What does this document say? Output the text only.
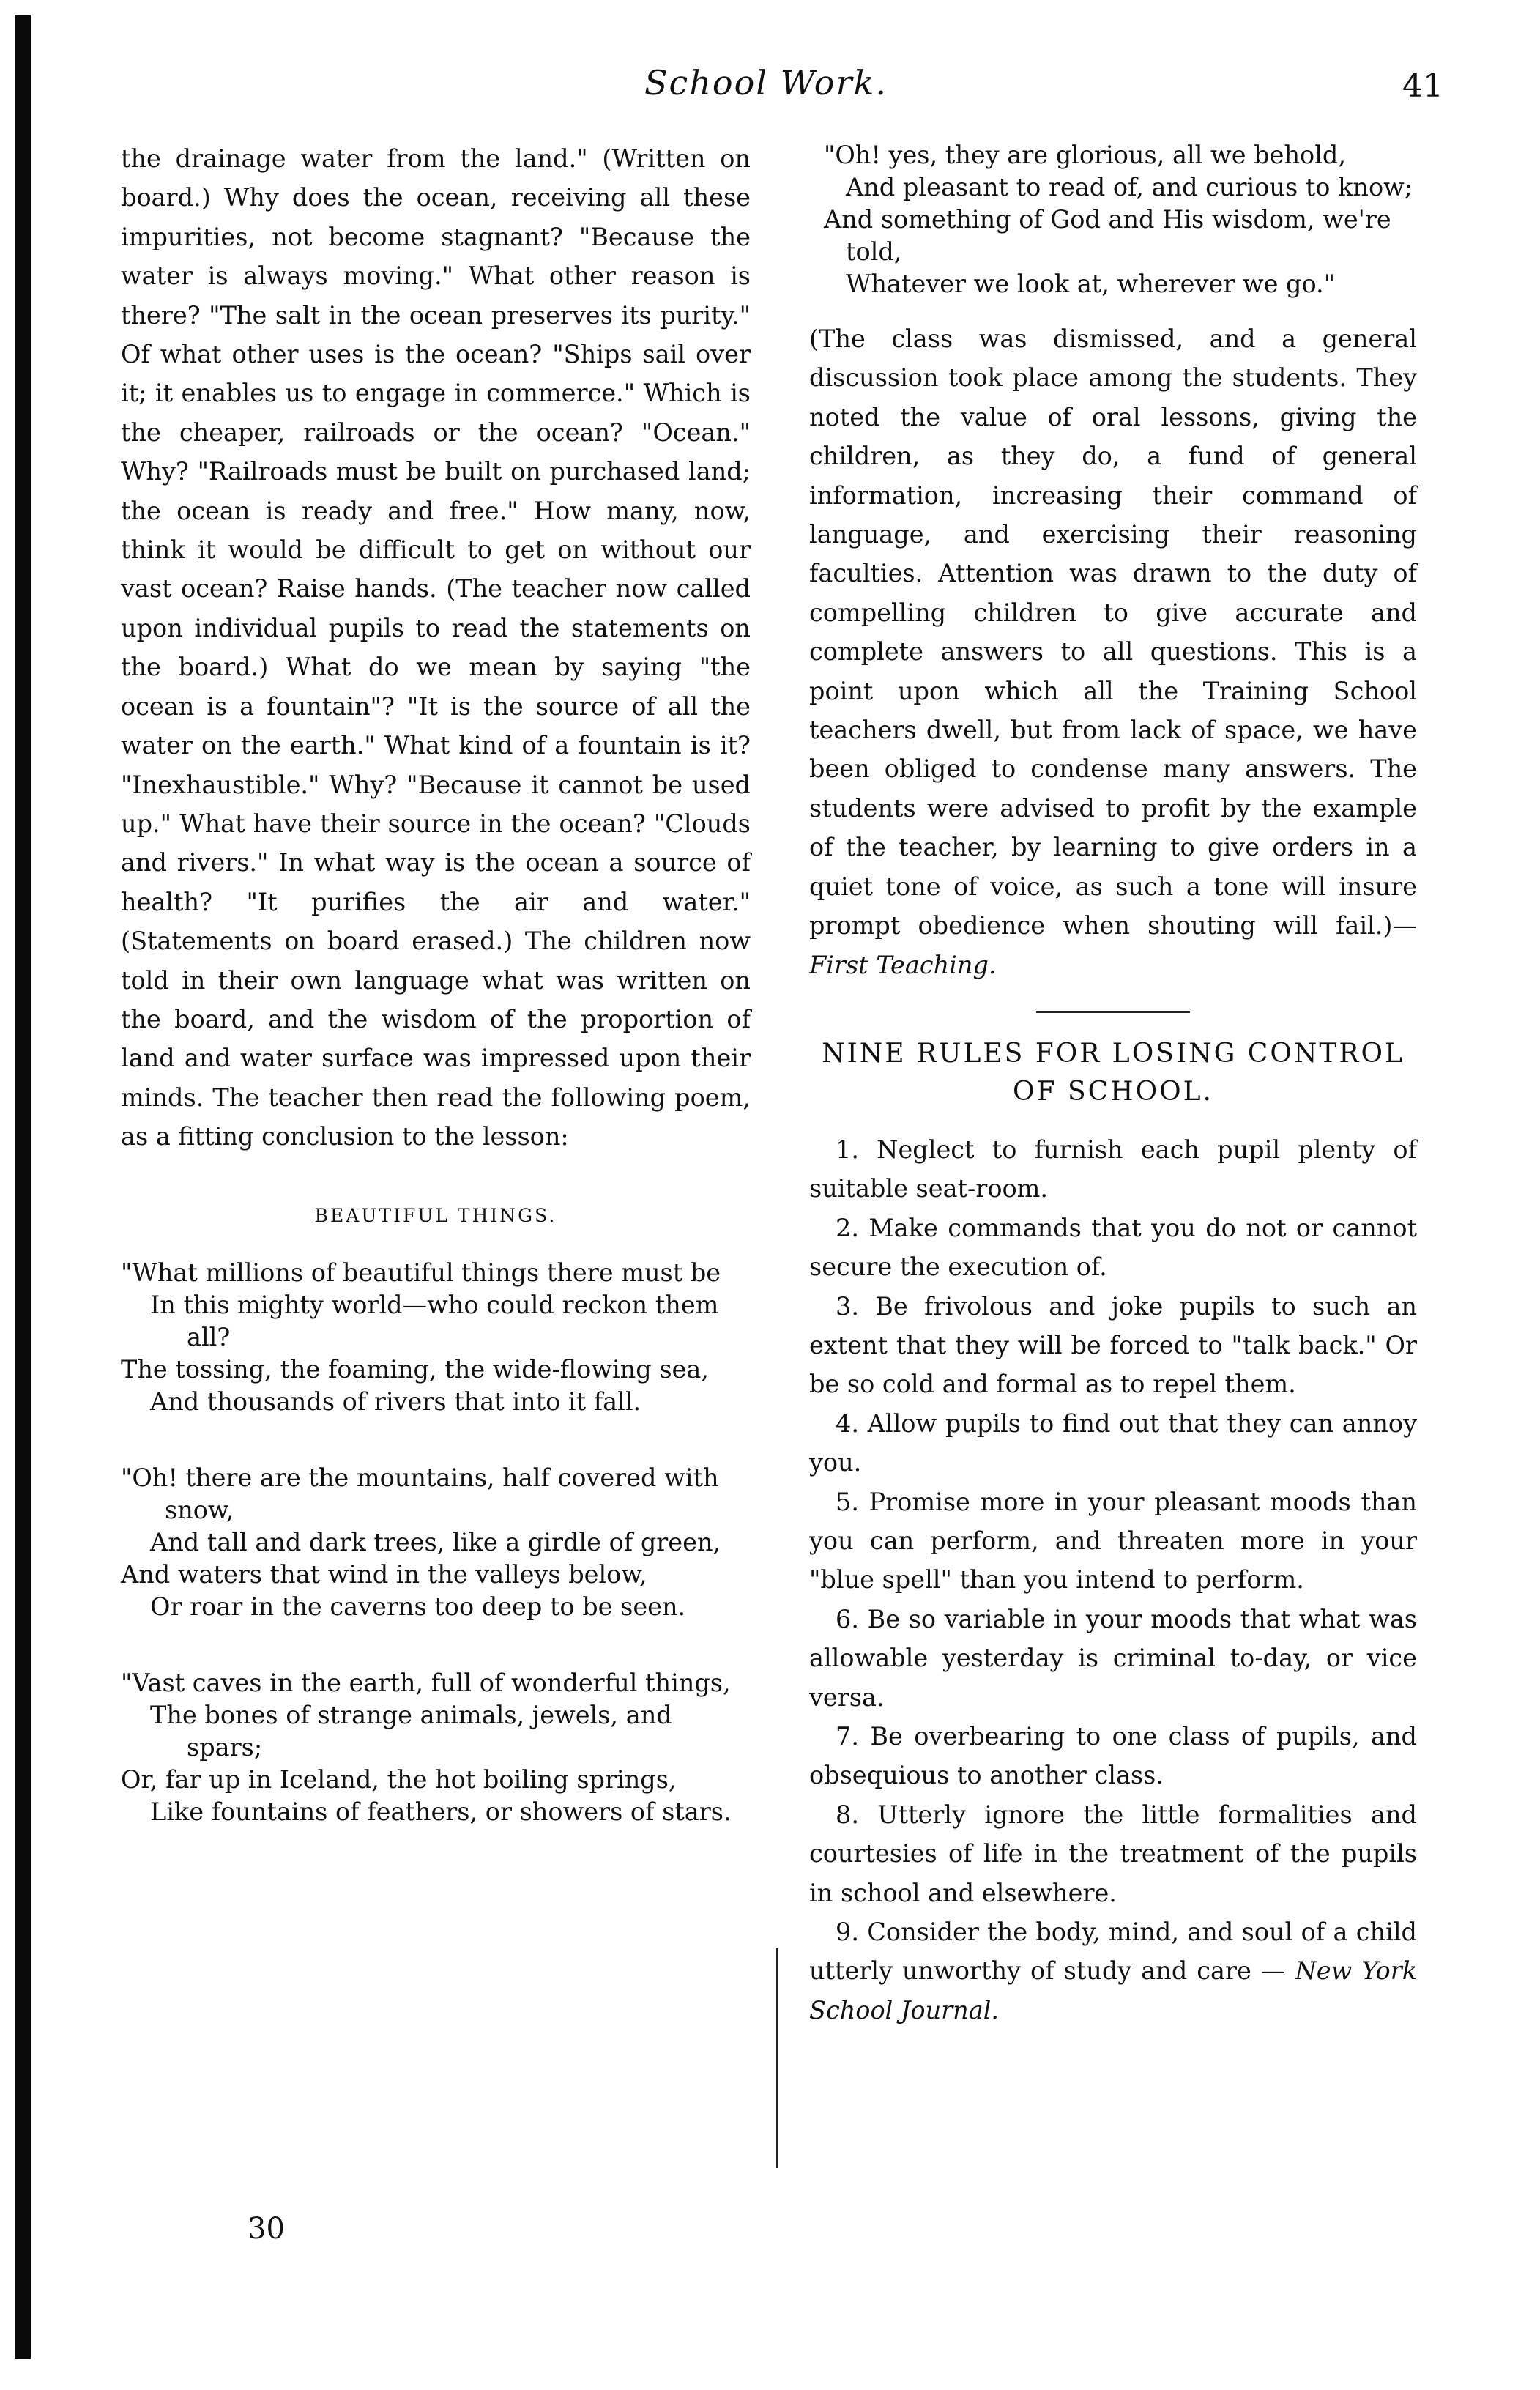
School Work.	41

the drainage water from the land." (Written on board.) Why does the ocean, receiving all these impurities, not become stagnant? "Because the water is always moving." What other reason is there? "The salt in the ocean preserves its purity." Of what other uses is the ocean? "Ships sail over it; it enables us to engage in commerce." Which is the cheaper, railroads or the ocean? "Ocean." Why? "Railroads must be built on purchased land; the ocean is ready and free." How many, now, think it would be difficult to get on without our vast ocean? Raise hands. (The teacher now called upon individual pupils to read the statements on the board.) What do we mean by saying "the ocean is a fountain"? "It is the source of all the water on the earth." What kind of a fountain is it? "Inexhaustible." Why? "Because it cannot be used up." What have their source in the ocean? "Clouds and rivers." In what way is the ocean a source of health? "It purifies the air and water." (Statements on board erased.) The children now told in their own language what was written on the board, and the wisdom of the proportion of land and water surface was impressed upon their minds. The teacher then read the following poem, as a fitting conclusion to the lesson:

BEAUTIFUL THINGS.
"What millions of beautiful things there must be
In this mighty world—who could reckon them all?
The tossing, the foaming, the wide-flowing sea,
And thousands of rivers that into it fall.
"Oh! there are the mountains, half covered with snow,
And tall and dark trees, like a girdle of green,
And waters that wind in the valleys below,
Or roar in the caverns too deep to be seen.
"Vast caves in the earth, full of wonderful things,
The bones of strange animals, jewels, and spars;
Or, far up in Iceland, the hot boiling springs,
Like fountains of feathers, or showers of stars.
"Oh! yes, they are glorious, all we behold,
And pleasant to read of, and curious to know;
And something of God and His wisdom, we're told,
Whatever we look at, wherever we go."

(The class was dismissed, and a general discussion took place among the students. They noted the value of oral lessons, giving the children, as they do, a fund of general information, increasing their command of language, and exercising their reasoning faculties. Attention was drawn to the duty of compelling children to give accurate and complete answers to all questions. This is a point upon which all the Training School teachers dwell, but from lack of space, we have been obliged to condense many answers. The students were advised to profit by the example of the teacher, by learning to give orders in a quiet tone of voice, as such a tone will insure prompt obedience when shouting will fail.)—First Teaching.

NINE RULES FOR LOSING CONTROL OF SCHOOL.

1. Neglect to furnish each pupil plenty of suitable seat-room.

2. Make commands that you do not or cannot secure the execution of.

3. Be frivolous and joke pupils to such an extent that they will be forced to "talk back." Or be so cold and formal as to repel them.

4. Allow pupils to find out that they can annoy you.

5. Promise more in your pleasant moods than you can perform, and threaten more in your "blue spell" than you intend to perform.

6. Be so variable in your moods that what was allowable yesterday is criminal to-day, or vice versa.

7. Be overbearing to one class of pupils, and obsequious to another class.

8. Utterly ignore the little formalities and courtesies of life in the treatment of the pupils in school and elsewhere.

9. Consider the body, mind, and soul of a child utterly unworthy of study and care — New York School Journal.

30
